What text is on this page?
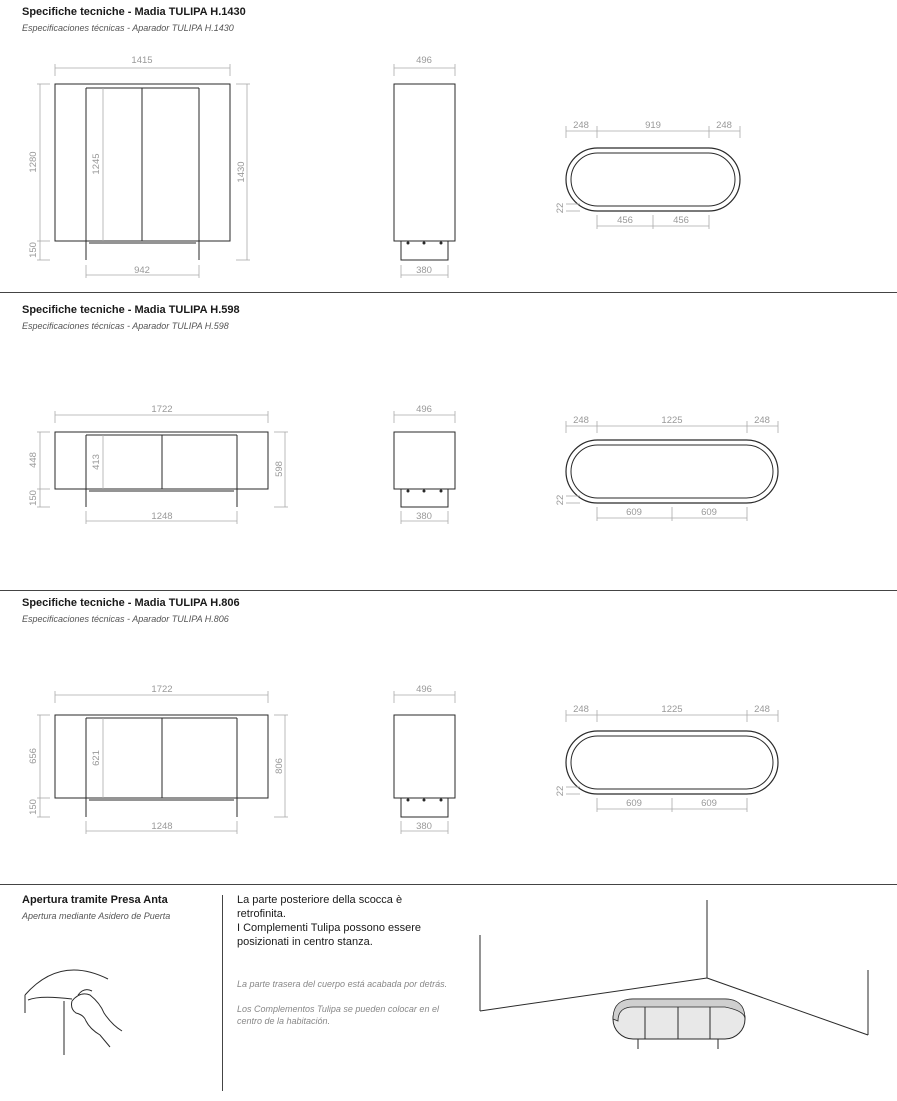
Specifiche tecniche - Madia TULIPA H.1430
Especificaciones técnicas - Aparador TULIPA H.1430
1415
1245
1280
150
1430
942
496
380
248	919	248
456	456
22
Specifiche tecniche - Madia TULIPA H.598
Especificaciones técnicas - Aparador TULIPA H.598
1722
413
448
150
598
1248
496
380
248	1225	248
609	609
22
Specifiche tecniche - Madia TULIPA H.806
Especificaciones técnicas - Aparador TULIPA H.806
1722
621
656
150
806
1248
496
380
248	1225	248
609	609
22
Apertura tramite Presa Anta
Apertura mediante Asidero de Puerta
La parte posteriore della scocca è retrofinita.
I Complementi Tulipa possono essere posizionati in centro stanza.
La parte trasera del cuerpo está acabada por detrás.
Los Complementos Tulipa se pueden colocar en el centro de la habitación.
